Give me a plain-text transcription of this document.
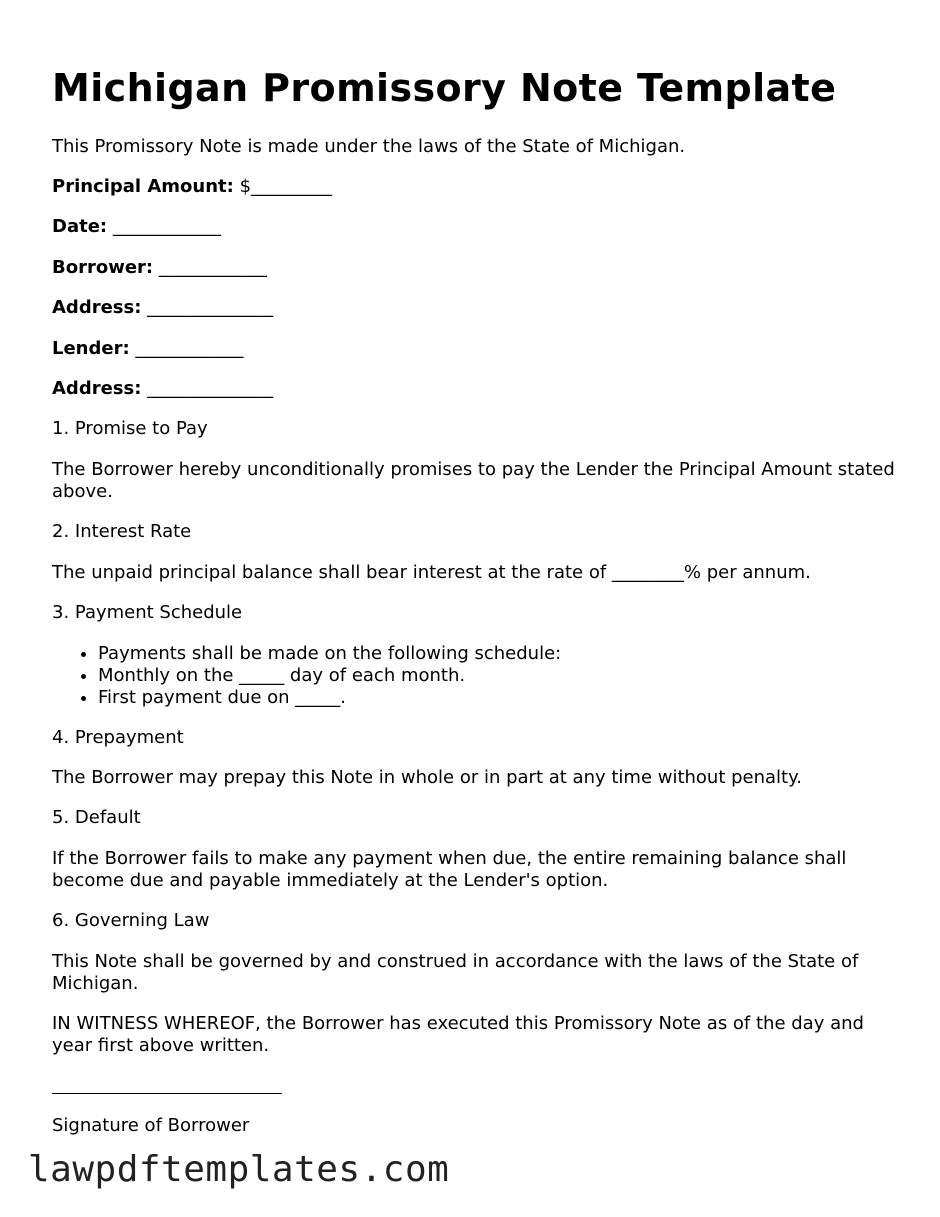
Michigan Promissory Note Template
This Promissory Note is made under the laws of the State of Michigan.
Principal Amount: $_________
Date: ____________
Borrower: ____________
Address: ______________
Lender: ____________
Address: ______________
1. Promise to Pay
The Borrower hereby unconditionally promises to pay the Lender the Principal Amount stated above.
2. Interest Rate
The unpaid principal balance shall bear interest at the rate of ________% per annum.
3. Payment Schedule
• Payments shall be made on the following schedule:
• Monthly on the _____ day of each month.
• First payment due on _____.
4. Prepayment
The Borrower may prepay this Note in whole or in part at any time without penalty.
5. Default
If the Borrower fails to make any payment when due, the entire remaining balance shall become due and payable immediately at the Lender's option.
6. Governing Law
This Note shall be governed by and construed in accordance with the laws of the State of Michigan.
IN WITNESS WHEREOF, the Borrower has executed this Promissory Note as of the day and year first above written.
Signature of Borrower
lawpdftemplates.com
